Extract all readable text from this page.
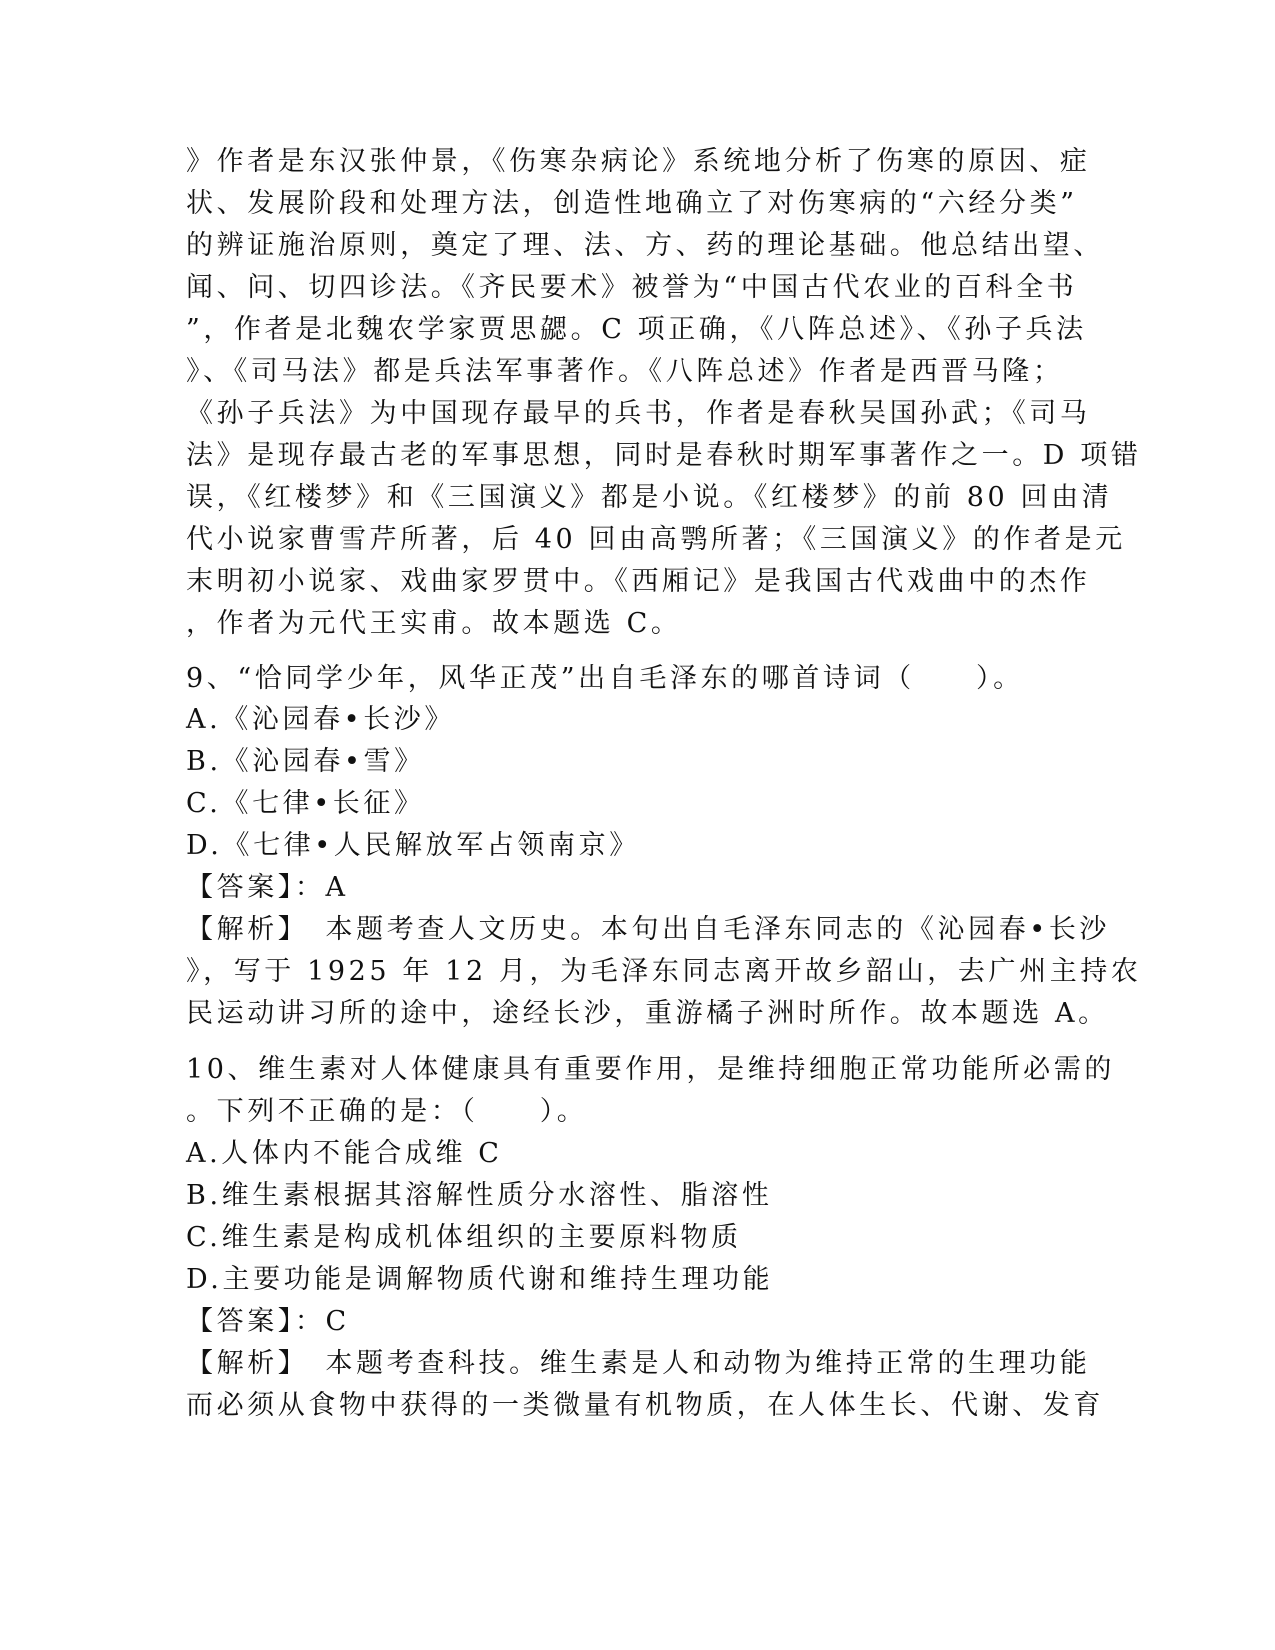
》作者是东汉张仲景，《伤寒杂病论》系统地分析了伤寒的原因、症
状、发展阶段和处理方法，创造性地确立了对伤寒病的“六经分类”
的辨证施治原则，奠定了理、法、方、药的理论基础。他总结出望、
闻、问、切四诊法。《齐民要术》被誉为“中国古代农业的百科全书
”，作者是北魏农学家贾思勰。C 项正确，《八阵总述》、《孙子兵法
》、《司马法》都是兵法军事著作。《八阵总述》作者是西晋马隆；
《孙子兵法》为中国现存最早的兵书，作者是春秋吴国孙武；《司马
法》是现存最古老的军事思想，同时是春秋时期军事著作之一。D 项错
误，《红楼梦》和《三国演义》都是小说。《红楼梦》的前 80 回由清
代小说家曹雪芹所著，后 40 回由高鹗所著；《三国演义》的作者是元
末明初小说家、戏曲家罗贯中。《西厢记》是我国古代戏曲中的杰作
，作者为元代王实甫。故本题选 C。
9、“恰同学少年，风华正茂”出自毛泽东的哪首诗词（　　）。
A.《沁园春•长沙》
B.《沁园春•雪》
C.《七律•长征》
D.《七律•人民解放军占领南京》
【答案】：A
【解析】　本题考查人文历史。本句出自毛泽东同志的《沁园春•长沙
》，写于 1925 年 12 月，为毛泽东同志离开故乡韶山，去广州主持农
民运动讲习所的途中，途经长沙，重游橘子洲时所作。故本题选 A。
10、维生素对人体健康具有重要作用，是维持细胞正常功能所必需的
。下列不正确的是：（　　）。
A.人体内不能合成维 C
B.维生素根据其溶解性质分水溶性、脂溶性
C.维生素是构成机体组织的主要原料物质
D.主要功能是调解物质代谢和维持生理功能
【答案】：C
【解析】　本题考查科技。维生素是人和动物为维持正常的生理功能
而必须从食物中获得的一类微量有机物质，在人体生长、代谢、发育
